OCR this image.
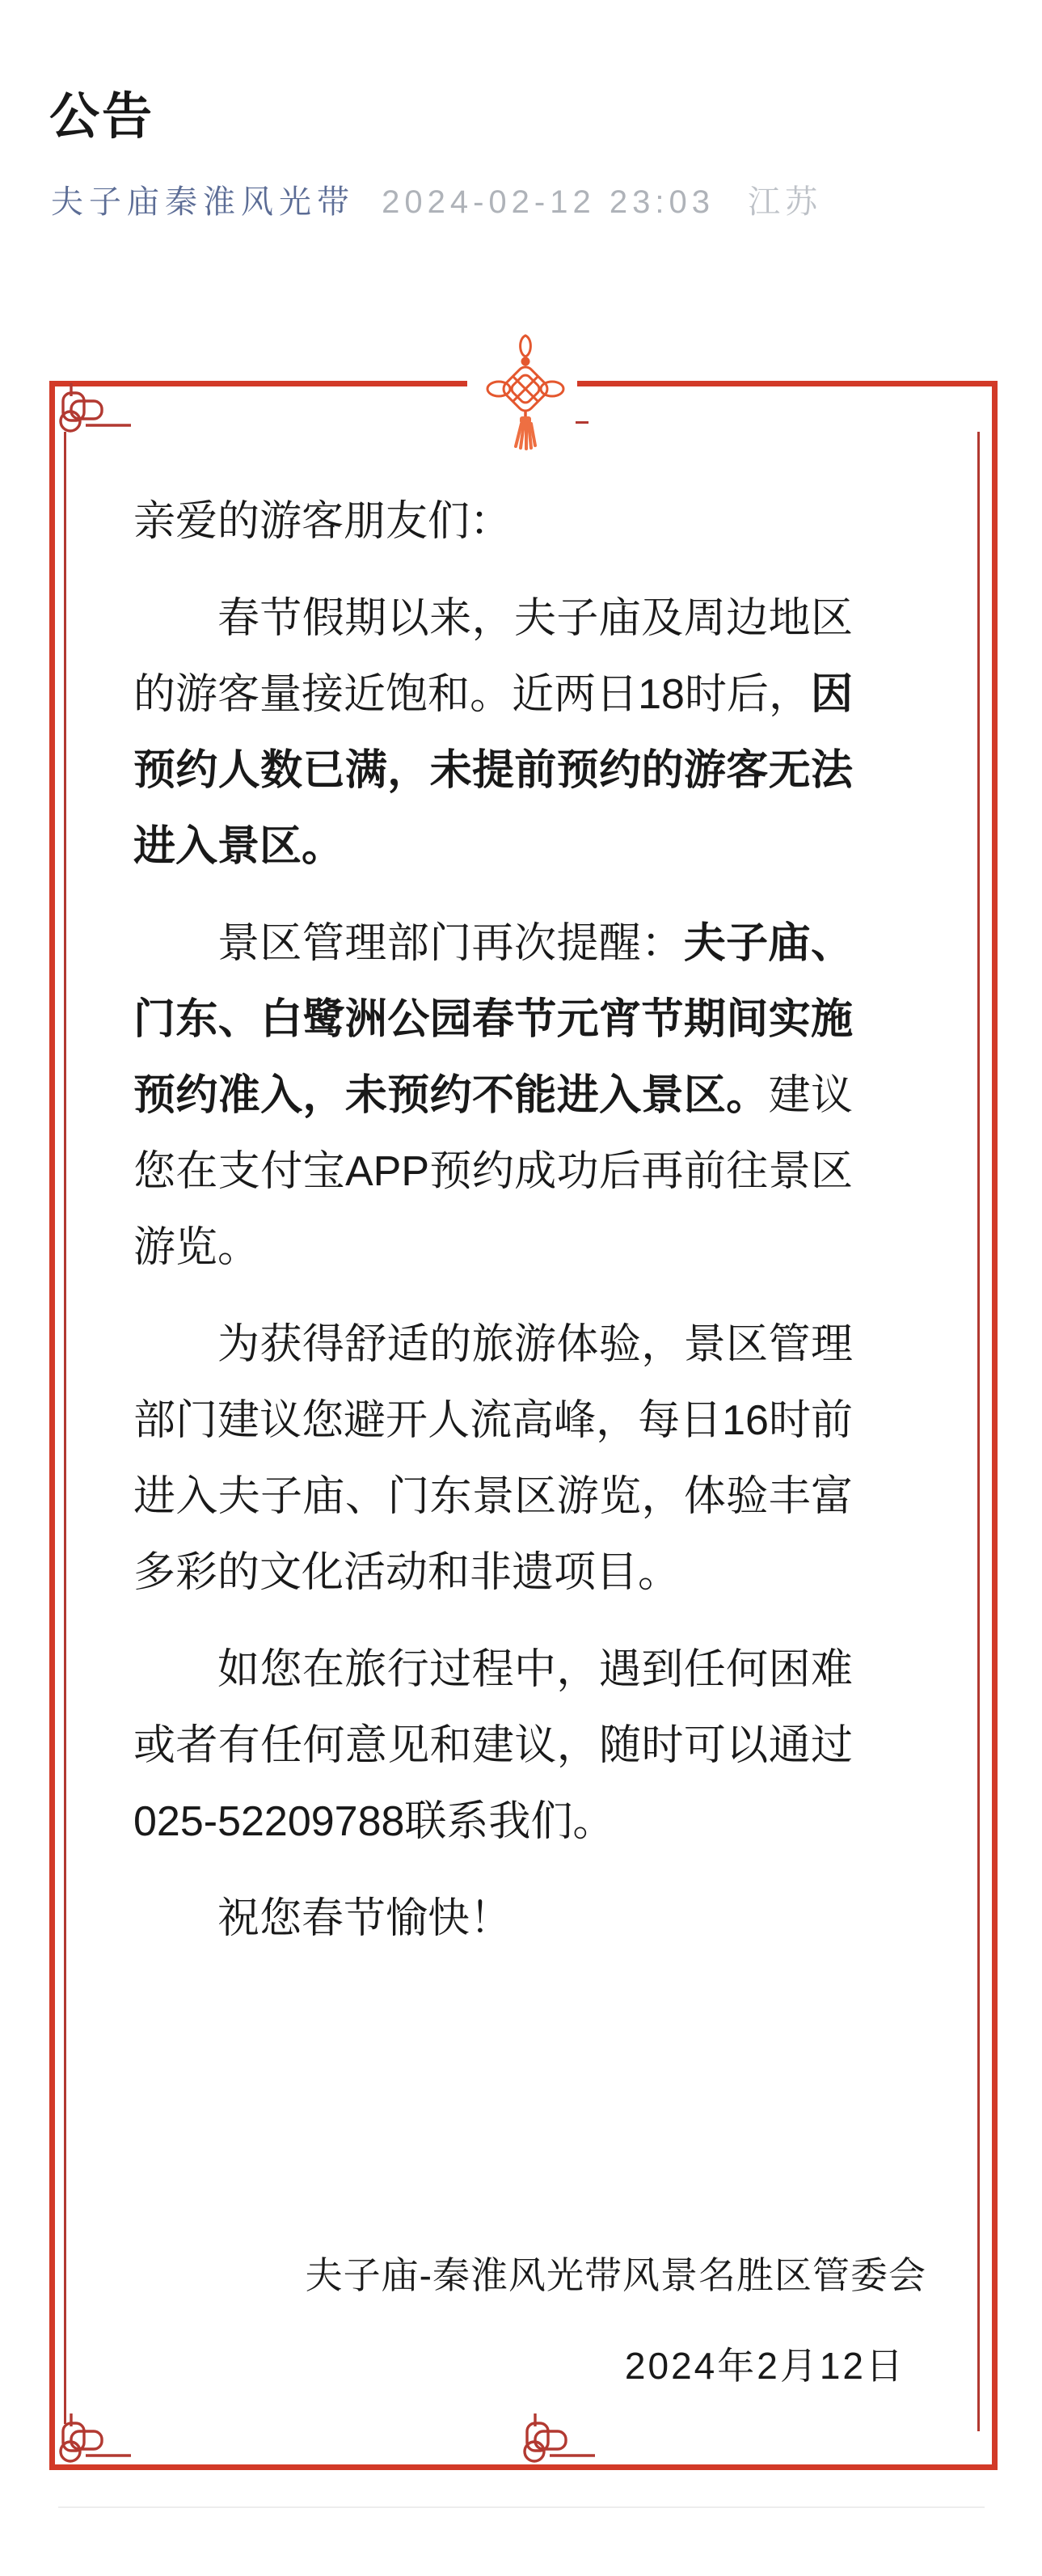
公告
夫子庙秦淮风光带 2024-02-12 23:03 江苏

亲爱的游客朋友们：

春节假期以来，夫子庙及周边地区的游客量接近饱和。近两日18时后，因预约人数已满，未提前预约的游客无法进入景区。

景区管理部门再次提醒：夫子庙、门东、白鹭洲公园春节元宵节期间实施预约准入，未预约不能进入景区。建议您在支付宝APP预约成功后再前往景区游览。

为获得舒适的旅游体验，景区管理部门建议您避开人流高峰，每日16时前进入夫子庙、门东景区游览，体验丰富多彩的文化活动和非遗项目。

如您在旅行过程中，遇到任何困难或者有任何意见和建议，随时可以通过025-52209788联系我们。

祝您春节愉快！

夫子庙-秦淮风光带风景名胜区管委会
2024年2月12日
